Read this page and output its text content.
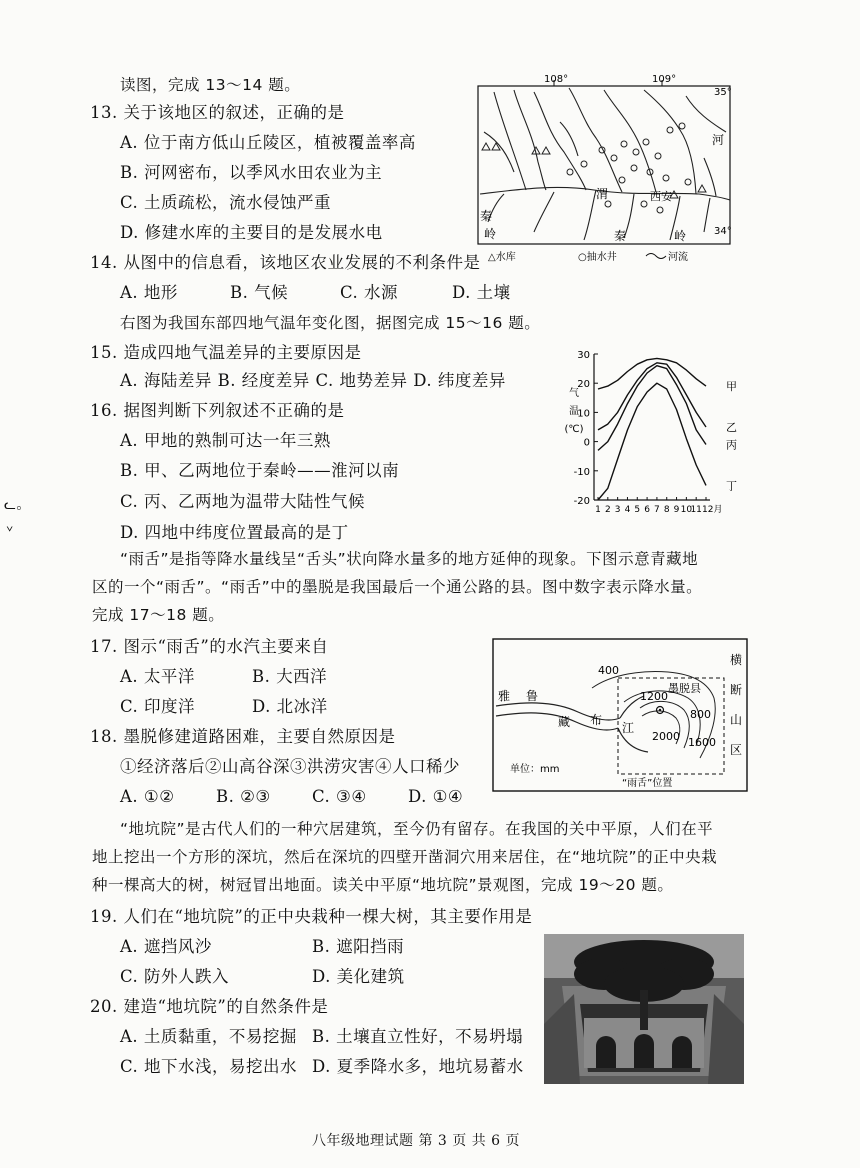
读图，完成 13～14 题。
13. 关于该地区的叙述，正确的是
A. 位于南方低山丘陵区，植被覆盖率高
B. 河网密布，以季风水田农业为主
C. 土质疏松，流水侵蚀严重
D. 修建水库的主要目的是发展水电
14. 从图中的信息看，该地区农业发展的不利条件是
A. 地形	B. 气候	C. 水源	D. 土壤
108°	109°
35°
34°
河
渭	西安
秦
岭	秦	岭
△水库	○抽水井	河流
右图为我国东部四地气温年变化图，据图完成 15～16 题。
15. 造成四地气温差异的主要原因是
A. 海陆差异 B. 经度差异 C. 地势差异 D. 纬度差异
16. 据图判断下列叙述不正确的是
A. 甲地的熟制可达一年三熟
B. 甲、乙两地位于秦岭——淮河以南
C. 丙、乙两地为温带大陆性气候
D. 四地中纬度位置最高的是丁
30
20
10
0
-10
-20
1 2 3 4 5 6 7 8 9 10
11 12月
气
温
(℃)
甲
乙
丙
丁
“雨舌”是指等降水量线呈“舌头”状向降水量多的地方延伸的现象。下图示意青藏地
区的一个“雨舌”。“雨舌”中的墨脱是我国最后一个通公路的县。图中数字表示降水量。
完成 17～18 题。
17. 图示“雨舌”的水汽主要来自
A. 太平洋	B. 大西洋
C. 印度洋	D. 北冰洋
18. 墨脱修建道路困难，主要自然原因是
①经济落后②山高谷深③洪涝灾害④人口稀少
A. ①②	B. ②③	C. ③④	D. ①④
400
1200
墨脱县
800
2000 1600
雅 鲁
藏 布
江
横
断
山
区
单位：mm
“雨舌”位置
“地坑院”是古代人们的一种穴居建筑，至今仍有留存。在我国的关中平原，人们在平
地上挖出一个方形的深坑，然后在深坑的四壁开凿洞穴用来居住，在“地坑院”的正中央栽
种一棵高大的树，树冠冒出地面。读关中平原“地坑院”景观图，完成 19～20 题。
19. 人们在“地坑院”的正中央栽种一棵大树，其主要作用是
A. 遮挡风沙	B. 遮阳挡雨
C. 防外人跌入	D. 美化建筑
20. 建造“地坑院”的自然条件是
A. 土质黏重，不易挖掘 B. 土壤直立性好，不易坍塌
C. 地下水浅，易挖出水 D. 夏季降水多，地坑易蓄水
ᓚ。
ᘁ
八年级地理试题 第 3 页 共 6 页
